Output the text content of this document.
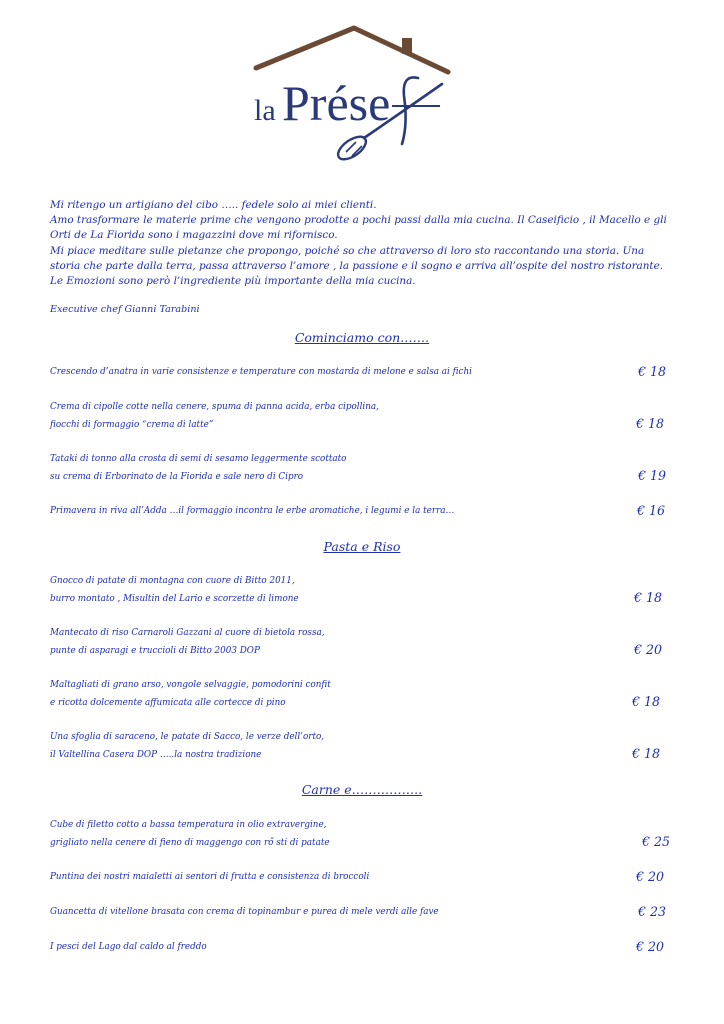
la Prése

Mi ritengo un artigiano del cibo ….. fedele solo ai miei clienti.

Amo trasformare le materie prime che vengono prodotte a pochi passi dalla mia cucina. Il Caseificio , il Macello e gli Orti de La Fiorida sono i magazzini dove mi rifornisco.

Mi piace meditare sulle pietanze che propongo, poiché so che attraverso di loro sto raccontando una storia. Una storia che parte dalla terra, passa attraverso l’amore , la passione e il sogno e arriva all’ospite del nostro ristorante.

Le Emozioni sono però l’ingrediente più importante della mia cucina.

Executive chef Gianni Tarabini
Cominciamo con…….
Crescendo d’anatra in varie consistenze e temperature con mostarda di melone e salsa ai fichi	€ 18
Crema di cipolle cotte nella cenere, spuma di panna acida, erba cipollina,
fiocchi di formaggio “crema di latte”	€ 18
Tataki di tonno alla crosta di semi di sesamo leggermente scottato
su crema di Erborinato de la Fiorida e sale nero di Cipro	€ 19
Primavera in riva all’Adda …il formaggio incontra le erbe aromatiche, i legumi e la terra…	€ 16
Pasta e Riso
Gnocco di patate di montagna con cuore di Bitto 2011,
burro montato , Misultin del Lario e scorzette di limone	€ 18
Mantecato di riso Carnaroli Gazzani al cuore di bietola rossa,
punte di asparagi e truccioli di Bitto 2003 DOP	€ 20
Maltagliati di grano arso, vongole selvaggie, pomodorini confit
e ricotta dolcemente affumicata alle cortecce di pino	€ 18
Una sfoglia di saraceno, le patate di Sacco, le verze dell’orto,
il Valtellina Casera DOP …..la nostra tradizione	€ 18
Carne e……………..
Cube di filetto cotto a bassa temperatura in olio extravergine,
grigliato nella cenere di fieno di maggengo con rő sti di patate	€ 25
Puntina dei nostri maialetti ai sentori di frutta e consistenza di broccoli	€ 20
Guancetta di vitellone brasata con crema di topinambur e purea di mele verdi alle fave	€ 23
I pesci del Lago dal caldo al freddo	€ 20
